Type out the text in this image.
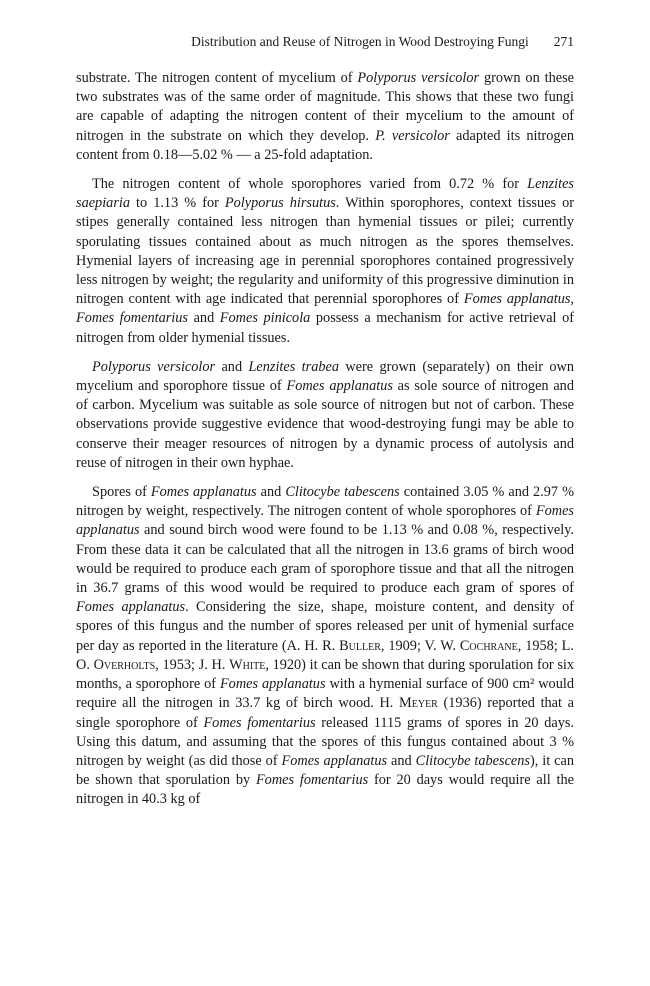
Distribution and Reuse of Nitrogen in Wood Destroying Fungi 271

substrate. The nitrogen content of mycelium of Polyporus versicolor grown on these two substrates was of the same order of magnitude. This shows that these two fungi are capable of adapting the nitrogen content of their mycelium to the amount of nitrogen in the substrate on which they develop. P. versicolor adapted its nitrogen content from 0.18—5.02 % — a 25-fold adaptation.

The nitrogen content of whole sporophores varied from 0.72 % for Lenzites saepiaria to 1.13 % for Polyporus hirsutus. Within sporophores, context tissues or stipes generally contained less nitrogen than hymenial tissues or pilei; currently sporulating tissues contained about as much nitrogen as the spores themselves. Hymenial layers of increasing age in perennial sporophores contained progressively less nitrogen by weight; the regularity and uniformity of this progressive diminution in nitrogen content with age indicated that perennial sporophores of Fomes applanatus, Fomes fomentarius and Fomes pinicola possess a mechanism for active retrieval of nitrogen from older hymenial tissues.

Polyporus versicolor and Lenzites trabea were grown (separately) on their own mycelium and sporophore tissue of Fomes applanatus as sole source of nitrogen and of carbon. Mycelium was suitable as sole source of nitrogen but not of carbon. These observations provide suggestive evidence that wood-destroying fungi may be able to conserve their meager resources of nitrogen by a dynamic process of autolysis and reuse of nitrogen in their own hyphae.

Spores of Fomes applanatus and Clitocybe tabescens contained 3.05 % and 2.97 % nitrogen by weight, respectively. The nitrogen content of whole sporophores of Fomes applanatus and sound birch wood were found to be 1.13 % and 0.08 %, respectively. From these data it can be calculated that all the nitrogen in 13.6 grams of birch wood would be required to produce each gram of sporophore tissue and that all the nitrogen in 36.7 grams of this wood would be required to produce each gram of spores of Fomes applanatus. Considering the size, shape, moisture content, and density of spores of this fungus and the number of spores released per unit of hymenial surface per day as reported in the literature (A. H. R. Buller, 1909; V. W. Cochrane, 1958; L. O. Overholts, 1953; J. H. White, 1920) it can be shown that during sporulation for six months, a sporophore of Fomes applanatus with a hymenial surface of 900 cm² would require all the nitrogen in 33.7 kg of birch wood. H. Meyer (1936) reported that a single sporophore of Fomes fomentarius released 1115 grams of spores in 20 days. Using this datum, and assuming that the spores of this fungus contained about 3 % nitrogen by weight (as did those of Fomes applanatus and Clitocybe tabescens), it can be shown that sporulation by Fomes fomentarius for 20 days would require all the nitrogen in 40.3 kg of
